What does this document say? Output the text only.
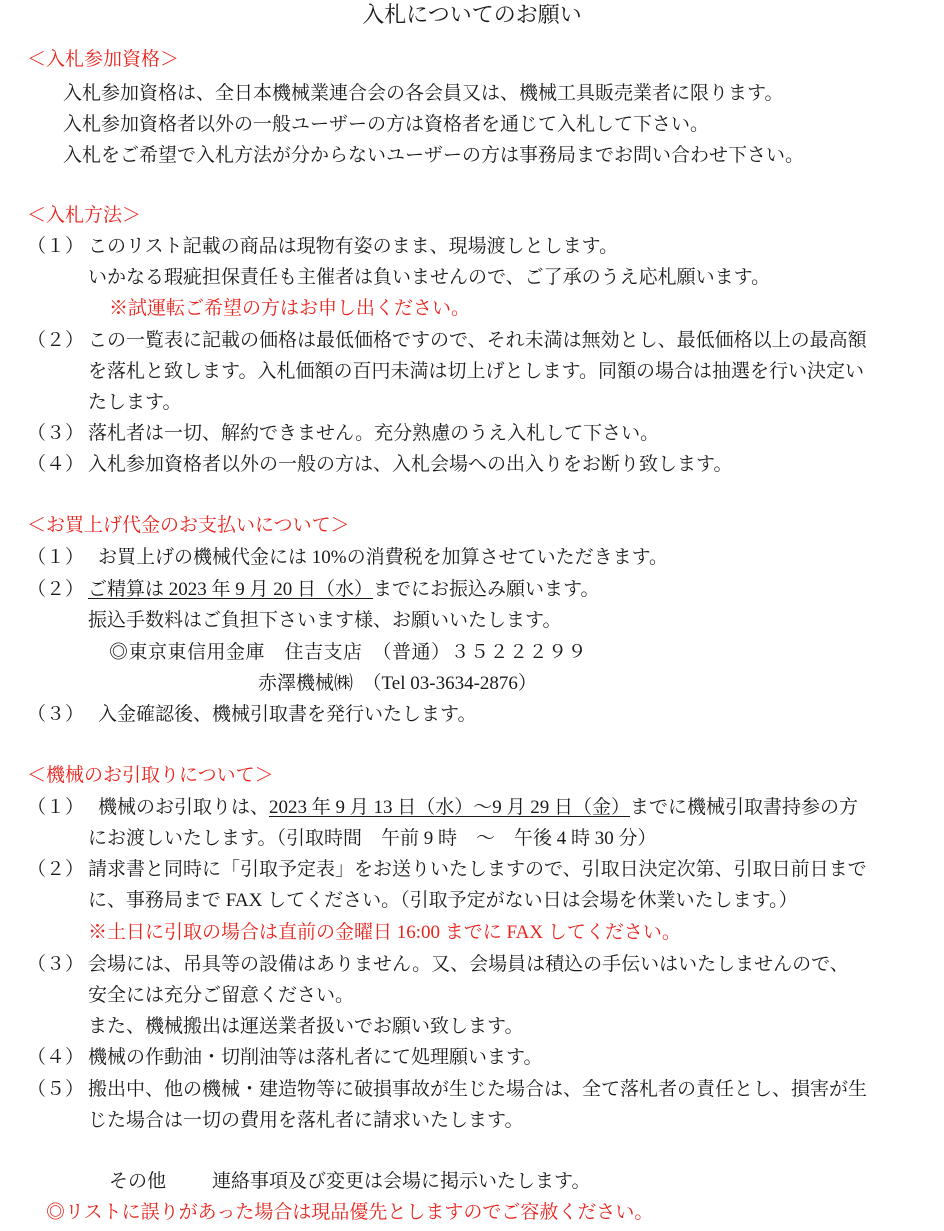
入札についてのお願い
＜入札参加資格＞
入札参加資格は、全日本機械業連合会の各会員又は、機械工具販売業者に限ります。
入札参加資格者以外の一般ユーザーの方は資格者を通じて入札して下さい。
入札をご希望で入札方法が分からないユーザーの方は事務局までお問い合わせ下さい。
＜入札方法＞
（１） このリスト記載の商品は現物有姿のまま、現場渡しとします。
いかなる瑕疵担保責任も主催者は負いませんので、ご了承のうえ応札願います。
※試運転ご希望の方はお申し出ください。
（２） この一覧表に記載の価格は最低価格ですので、それ未満は無効とし、最低価格以上の最高額
を落札と致します。入札価額の百円未満は切上げとします。同額の場合は抽選を行い決定い
たします。
（３） 落札者は一切、解約できません。充分熟慮のうえ入札して下さい。
（４） 入札参加資格者以外の一般の方は、入札会場への出入りをお断り致します。
＜お買上げ代金のお支払いについて＞
（１） お買上げの機械代金には 10%の消費税を加算させていただきます。
（２） ご精算は 2023 年 9 月 20 日（水）までにお振込み願います。
振込手数料はご負担下さいます様、お願いいたします。
◎東京東信用金庫　住吉支店　（普通）３５２２２９９
赤澤機械㈱　（Tel 03-3634-2876）
（３） 入金確認後、機械引取書を発行いたします。
＜機械のお引取りについて＞
（１） 機械のお引取りは、2023 年 9 月 13 日（水）～9 月 29 日（金）までに機械引取書持参の方
にお渡しいたします。（引取時間　午前 9 時　～　午後 4 時 30 分）
（２） 請求書と同時に「引取予定表」をお送りいたしますので、引取日決定次第、引取日前日まで
に、事務局まで FAX してください。（引取予定がない日は会場を休業いたします。）
※土日に引取の場合は直前の金曜日 16:00 までに FAX してください。
（３） 会場には、吊具等の設備はありません。又、会場員は積込の手伝いはいたしませんので、
安全には充分ご留意ください。
また、機械搬出は運送業者扱いでお願い致します。
（４） 機械の作動油・切削油等は落札者にて処理願います。
（５） 搬出中、他の機械・建造物等に破損事故が生じた場合は、全て落札者の責任とし、損害が生
じた場合は一切の費用を落札者に請求いたします。
その他 連絡事項及び変更は会場に掲示いたします。
◎リストに誤りがあった場合は現品優先としますのでご容赦ください。
